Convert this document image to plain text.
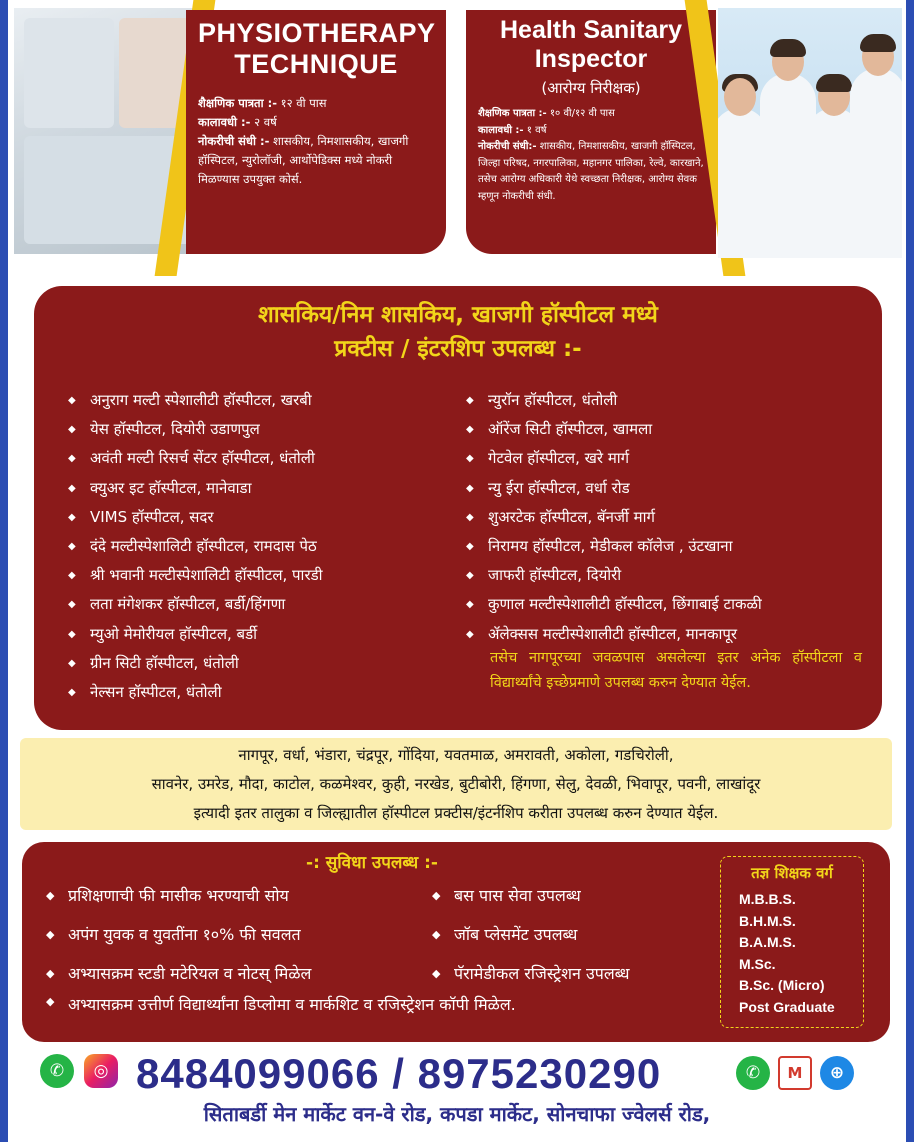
PHYSIOTHERAPY
TECHNIQUE
शैक्षणिक पात्रता :- १२ वी पास
कालावधी :- २ वर्ष
नोकरीची संधी :- शासकीय, निमशासकीय, खाजगी हॉस्पिटल, न्युरोलॉजी, आर्थोपेडिक्स मध्ये नोकरी मिळण्यास उपयुक्त कोर्स.
Health Sanitary
Inspector
(आरोग्य निरीक्षक)
शैक्षणिक पात्रता :- १० वी/१२ वी पास
कालावधी :- १ वर्ष
नोकरीची संधी:- शासकीय, निमशासकीय, खाजगी हॉस्पिटल, जिल्हा परिषद, नगरपालिका, महानगर पालिका, रेल्वे, कारखाने, तसेच आरोग्य अधिकारी येथे स्वच्छता निरीक्षक, आरोग्य सेवक म्हणून नोकरीची संधी.
शासकिय/निम शासकिय, खाजगी हॉस्पीटल मध्ये
प्रक्टीस / इंटरशिप उपलब्ध :-
◆ अनुराग मल्टी स्पेशालीटी हॉस्पीटल, खरबी
◆ येस हॉस्पीटल, दियोरी उडाणपुल
◆ अवंती मल्टी रिसर्च सेंटर हॉस्पीटल, धंतोली
◆ क्युअर इट हॉस्पीटल, मानेवाडा
◆ VIMS हॉस्पीटल, सदर
◆ दंदे मल्टीस्पेशालिटी हॉस्पीटल, रामदास पेठ
◆ श्री भवानी मल्टीस्पेशालिटी हॉस्पीटल, पारडी
◆ लता मंगेशकर हॉस्पीटल, बर्डी/हिंगणा
◆ म्युओ मेमोरीयल हॉस्पीटल, बर्डी
◆ ग्रीन सिटी हॉस्पीटल, धंतोली
◆ नेल्सन हॉस्पीटल, धंतोली
◆ न्युरॉन हॉस्पीटल, धंतोली
◆ ऑरेंज सिटी हॉस्पीटल, खामला
◆ गेटवेल हॉस्पीटल, खरे मार्ग
◆ न्यु ईरा हॉस्पीटल, वर्धा रोड
◆ शुअरटेक हॉस्पीटल, बॅनर्जी मार्ग
◆ निरामय हॉस्पीटल, मेडीकल कॉलेज , उंटखाना
◆ जाफरी हॉस्पीटल, दियोरी
◆ कुणाल मल्टीस्पेशालीटी हॉस्पीटल, छिंगाबाई टाकळी
◆ ॲलेक्सस मल्टीस्पेशालीटी हॉस्पीटल, मानकापूर
तसेच नागपूरच्या जवळपास असलेल्या इतर अनेक हॉस्पीटला व विद्यार्थ्यांचे इच्छेप्रमाणे उपलब्ध करुन देण्यात येईल.
नागपूर, वर्धा, भंडारा, चंद्रपूर, गोंदिया, यवतमाळ, अमरावती, अकोला, गडचिरोली,
सावनेर, उमरेड, मौदा, काटोल, कळमेश्वर, कुही, नरखेड, बुटीबोरी, हिंगणा, सेलु, देवळी, भिवापूर, पवनी, लाखांदूर
इत्यादी इतर तालुका व जिल्ह्यातील हॉस्पीटल प्रक्टीस/इंटर्नशिप करीता उपलब्ध करुन देण्यात येईल.
-: सुविधा उपलब्ध :-
◆ प्रशिक्षणाची फी मासीक भरण्याची सोय
◆ अपंग युवक व युवतींना १०% फी सवलत
◆ अभ्यासक्रम स्टडी मटेरियल व नोटस् मिळेल
◆ बस पास सेवा उपलब्ध
◆ जॉब प्लेसमेंट उपलब्ध
◆ पॅरामेडीकल रजिस्ट्रेशन उपलब्ध
◆ अभ्यासक्रम उत्तीर्ण विद्यार्थ्यांना डिप्लोमा व मार्कशिट व रजिस्ट्रेशन कॉपी मिळेल.
तज्ञ शिक्षक वर्ग
M.B.B.S.
B.H.M.S.
B.A.M.S.
M.Sc.
B.Sc. (Micro)
Post Graduate
✆	◎ 8484099066 / 8975230290	✆	M	⊕
सिताबर्डी मेन मार्केट वन-वे रोड, कपडा मार्केट, सोनचाफा ज्वेलर्स रोड,
